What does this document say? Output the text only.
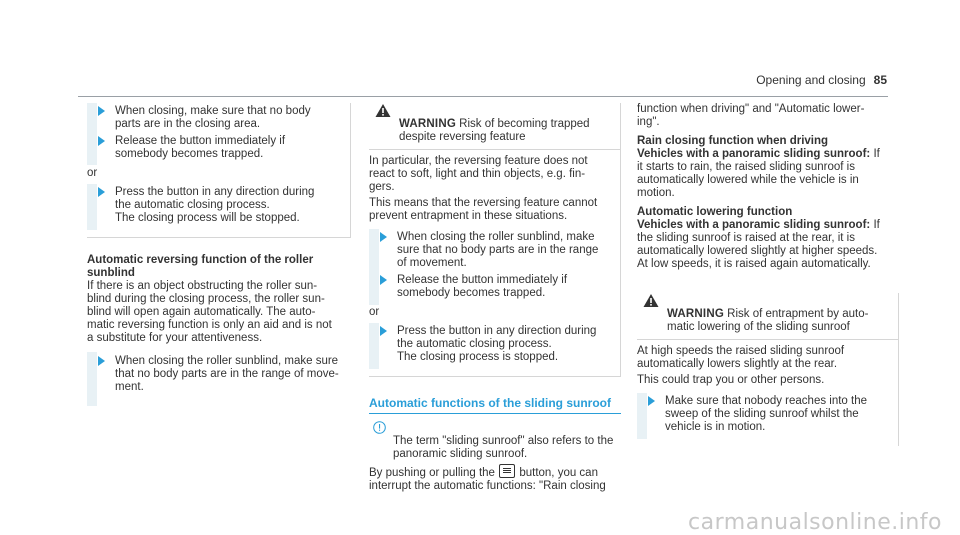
Opening and closing 85
When closing, make sure that no body
parts are in the closing area.
Release the button immediately if
somebody becomes trapped.

or

Press the button in any direction during
the automatic closing process.
The closing process will be stopped.

Automatic reversing function of the roller
sunblind

If there is an object obstructing the roller sun-
blind during the closing process, the roller sun-
blind will open again automatically. The auto-
matic reversing function is only an aid and is not
a substitute for your attentiveness.

When closing the roller sunblind, make sure
that no body parts are in the range of move-
ment.

WARNING Risk of becoming trapped
despite reversing feature

In particular, the reversing feature does not
react to soft, light and thin objects, e.g. fin-
gers.

This means that the reversing feature cannot
prevent entrapment in these situations.

When closing the roller sunblind, make
sure that no body parts are in the range
of movement.
Release the button immediately if
somebody becomes trapped.

or

Press the button in any direction during
the automatic closing process.
The closing process is stopped.
Automatic functions of the sliding sunroof

The term "sliding sunroof" also refers to the
panoramic sliding sunroof.

By pushing or pulling the  button, you can
interrupt the automatic functions: "Rain closing

function when driving" and "Automatic lower-
ing".

Rain closing function when driving
Vehicles with a panoramic sliding sunroof: If
it starts to rain, the raised sliding sunroof is
automatically lowered while the vehicle is in
motion.

Automatic lowering function
Vehicles with a panoramic sliding sunroof: If
the sliding sunroof is raised at the rear, it is
automatically lowered slightly at higher speeds.
At low speeds, it is raised again automatically.

WARNING Risk of entrapment by auto-
matic lowering of the sliding sunroof

At high speeds the raised sliding sunroof
automatically lowers slightly at the rear.

This could trap you or other persons.

Make sure that nobody reaches into the
sweep of the sliding sunroof whilst the
vehicle is in motion.
carmanualsonline.info
